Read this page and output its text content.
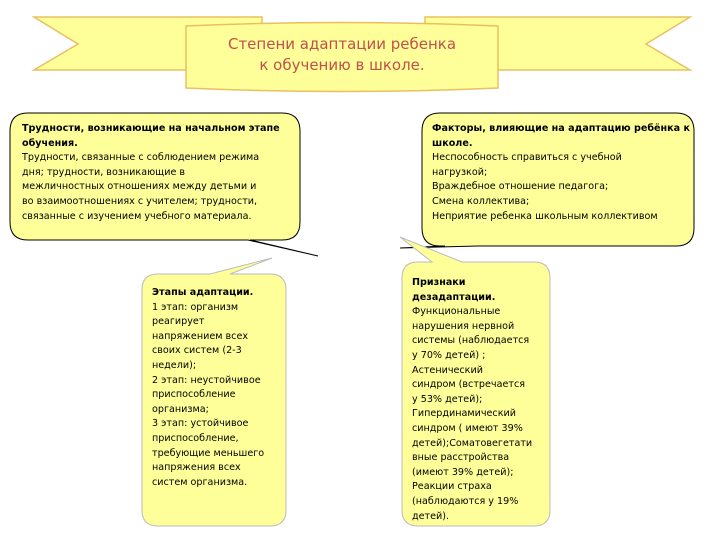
Степени адаптации ребенка
к обучению в школе.
Трудности, возникающие на начальном этапе
обучения.
Трудности, связанные с соблюдением режима
дня; трудности, возникающие в
межличностных отношениях между детьми и
во взаимоотношениях с учителем; трудности,
связанные с изучением учебного материала.
Факторы, влияющие на адаптацию ребёнка к
школе.
Неспособность справиться с учебной
нагрузкой;
Враждебное отношение педагога;
Смена коллектива;
Неприятие ребенка школьным коллективом
Этапы адаптации.
1 этап: организм
реагирует
напряжением всех
своих систем (2-3
недели);
2 этап: неустойчивое
приспособление
организма;
3 этап: устойчивое
приспособление,
требующие меньшего
напряжения всех
систем организма.
Признаки
дезадаптации.
Функциональные
нарушения нервной
системы (наблюдается
у 70% детей) ;
Астенический
синдром (встречается
у 53% детей);
Гипердинамический
синдром ( имеют 39%
детей);Соматовегетати
вные расстройства
(имеют 39% детей);
Реакции страха
(наблюдаются у 19%
детей).
